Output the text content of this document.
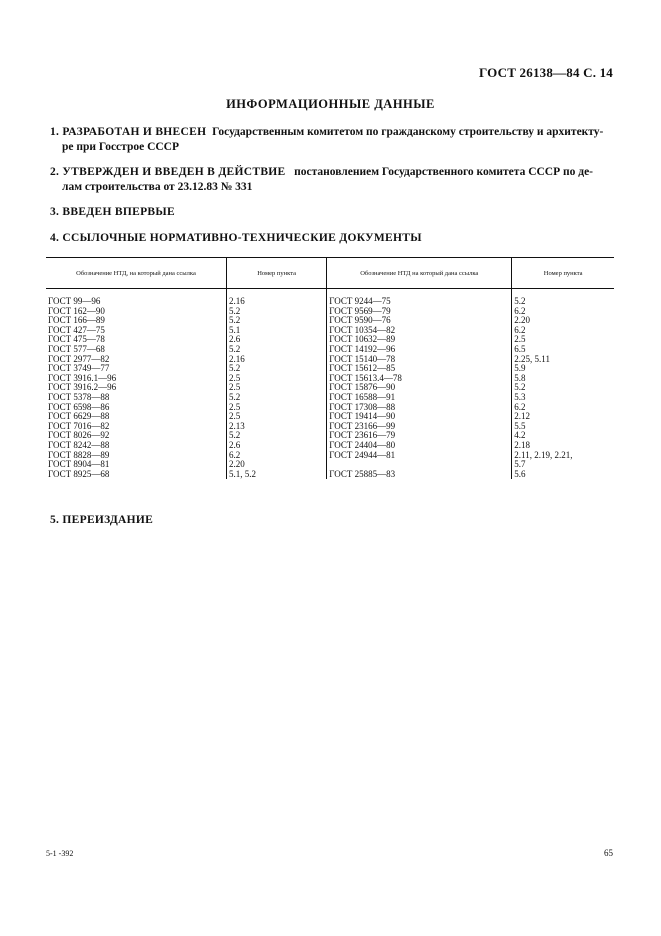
ГОСТ 26138—84 С. 14
ИНФОРМАЦИОННЫЕ ДАННЫЕ
1. РАЗРАБОТАН И ВНЕСЕН Государственным комитетом по гражданскому строительству и архитекту-
ре при Госстрое СССР
2. УТВЕРЖДЕН И ВВЕДЕН В ДЕЙСТВИЕ постановлением Государственного комитета СССР по де-
лам строительства от 23.12.83 № 331
3. ВВЕДЕН ВПЕРВЫЕ
4. ССЫЛОЧНЫЕ НОРМАТИВНО-ТЕХНИЧЕСКИЕ ДОКУМЕНТЫ
Обозначение НТД, на который дана ссылка	Номер пункта	Обозначение НТД на который дана ссылка	Номер пункта
ГОСТ 99—96	2.16	ГОСТ 9244—75	5.2
ГОСТ 162—90	5.2	ГОСТ 9569—79	6.2
ГОСТ 166—89	5.2	ГОСТ 9590—76	2.20
ГОСТ 427—75	5.1	ГОСТ 10354—82	6.2
ГОСТ 475—78	2.6	ГОСТ 10632—89	2.5
ГОСТ 577—68	5.2	ГОСТ 14192—96	6.5
ГОСТ 2977—82	2.16	ГОСТ 15140—78	2.25, 5.11
ГОСТ 3749—77	5.2	ГОСТ 15612—85	5.9
ГОСТ 3916.1—96	2.5	ГОСТ 15613.4—78	5.8
ГОСТ 3916.2—96	2.5	ГОСТ 15876—90	5.2
ГОСТ 5378—88	5.2	ГОСТ 16588—91	5.3
ГОСТ 6598—86	2.5	ГОСТ 17308—88	6.2
ГОСТ 6629—88	2.5	ГОСТ 19414—90	2.12
ГОСТ 7016—82	2.13	ГОСТ 23166—99	5.5
ГОСТ 8026—92	5.2	ГОСТ 23616—79	4.2
ГОСТ 8242—88	2.6	ГОСТ 24404—80	2.18
ГОСТ 8828—89	6.2	ГОСТ 24944—81	2.11, 2.19, 2.21,
ГОСТ 8904—81	2.20		5.7
ГОСТ 8925—68	5.1, 5.2	ГОСТ 25885—83	5.6
5. ПЕРЕИЗДАНИЕ
5-1 -392	65
